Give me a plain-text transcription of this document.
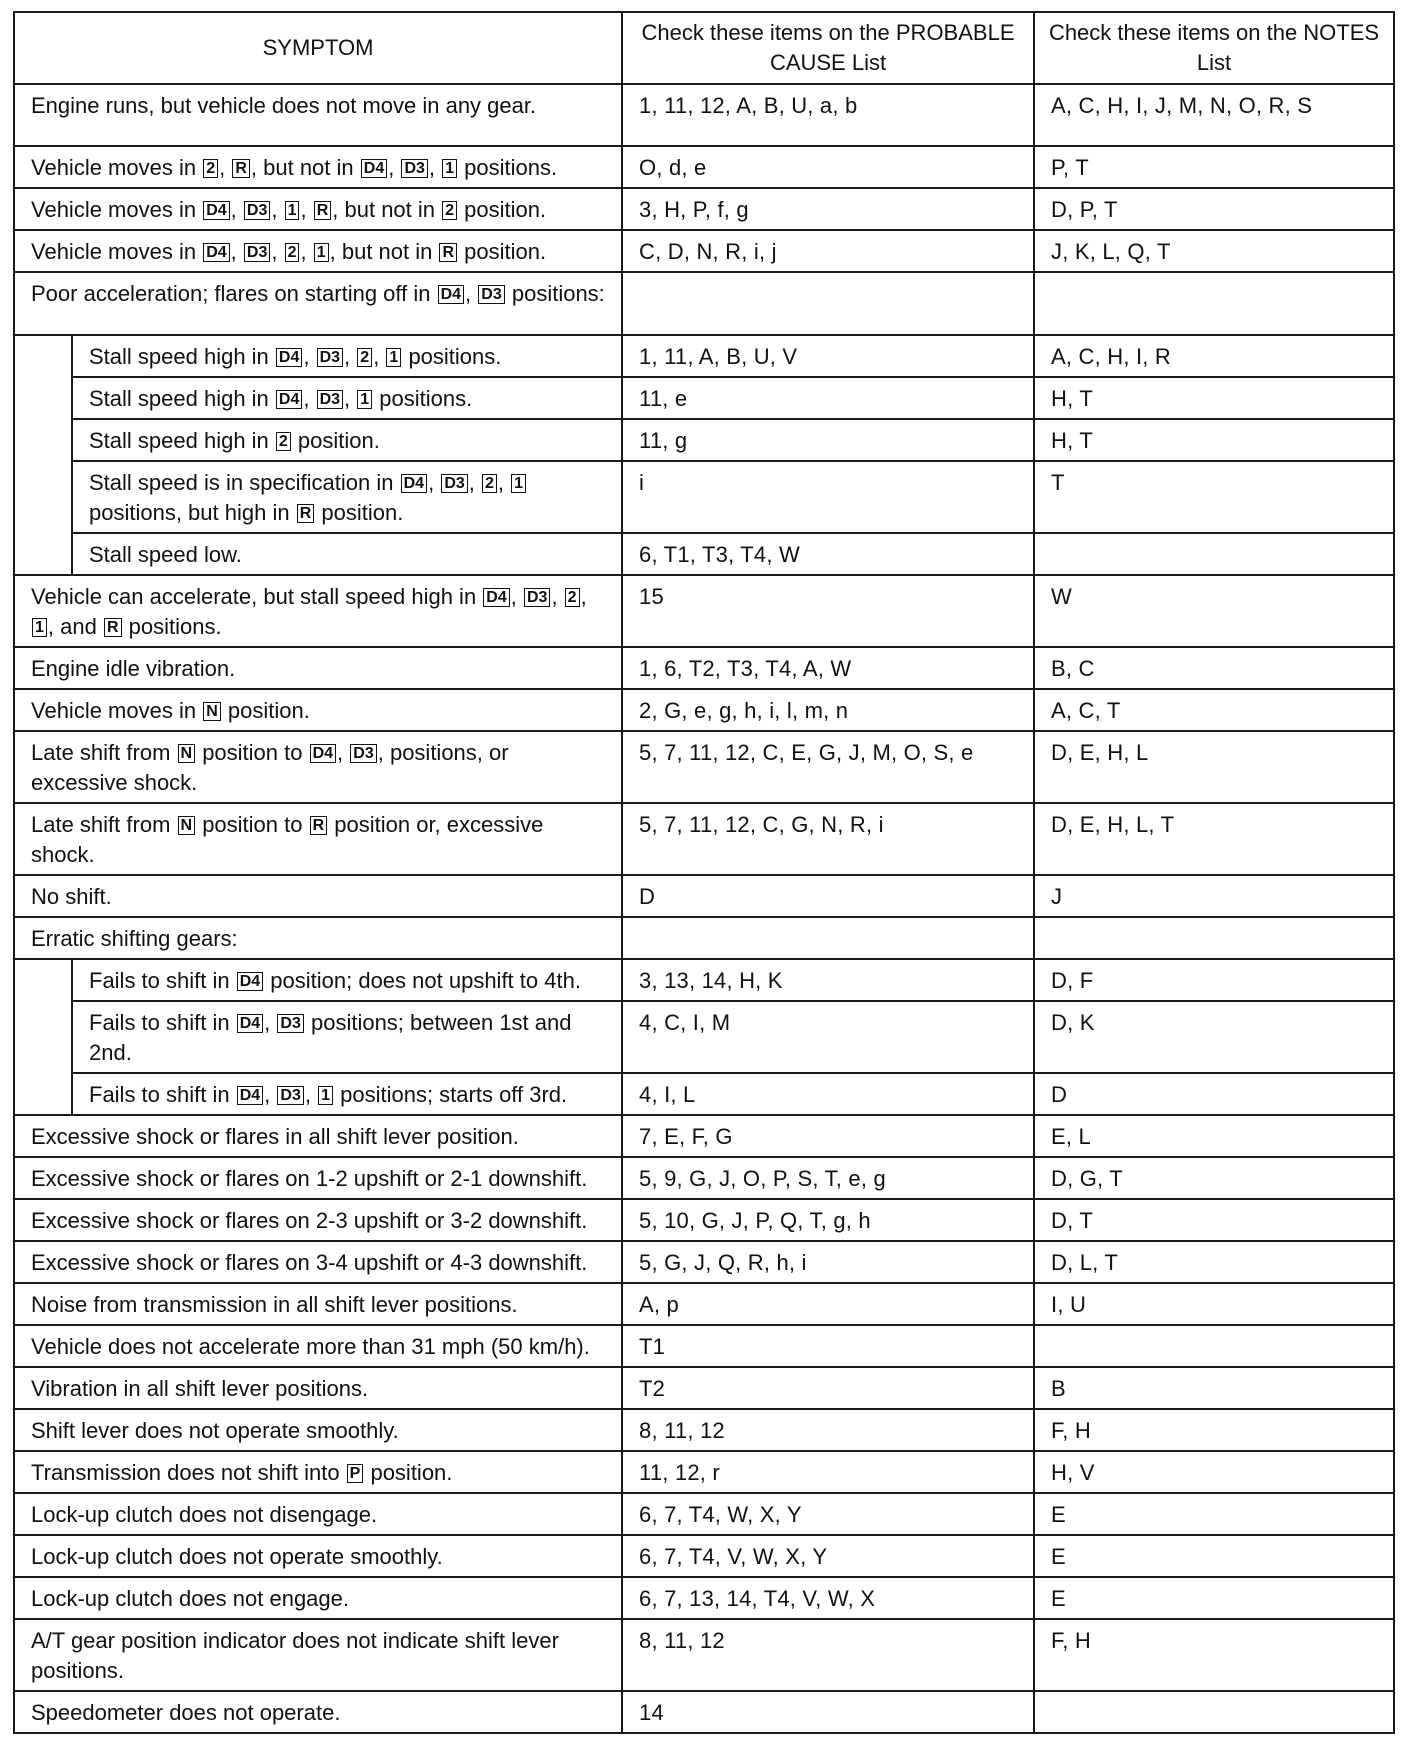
SYMPTOM		Check these items on the PROBABLE CAUSE List	Check these items on the NOTES List
Engine runs, but vehicle does not move in any gear.		1, 11, 12, A, B, U, a, b	A, C, H, I, J, M, N, O, R, S
Vehicle moves in 2 , R , but not in D4 , D3 , 1 positions.		O, d, e	P, T
Vehicle moves in D4 , D3 , 1 , R , but not in 2 position.		3, H, P, f, g	D, P, T
Vehicle moves in D4 , D3 , 2 , 1 , but not in R position.		C, D, N, R, i, j	J, K, L, Q, T
Poor acceleration; flares on starting off in D4 , D3 positions:			
	Stall speed high in D4 , D3 , 2 , 1 positions.	1, 11, A, B, U, V	A, C, H, I, R
	Stall speed high in D4 , D3 , 1 positions.	11, e	H, T
	Stall speed high in 2 position.	11, g	H, T
	Stall speed is in specification in D4 , D3 , 2 , 1 positions, but high in R position.	i	T
	Stall speed low.	6, T1, T3, T4, W	
Vehicle can accelerate, but stall speed high in D4 , D3 , 2 , 1 , and R positions.		15	W
Engine idle vibration.		1, 6, T2, T3, T4, A, W	B, C
Vehicle moves in N position.		2, G, e, g, h, i, l, m, n	A, C, T
Late shift from N position to D4 , D3 , positions, or excessive shock.		5, 7, 11, 12, C, E, G, J, M, O, S, e	D, E, H, L
Late shift from N position to R position or, excessive shock.		5, 7, 11, 12, C, G, N, R, i	D, E, H, L, T
No shift.		D	J
Erratic shifting gears:			
	Fails to shift in D4 position; does not upshift to 4th.	3, 13, 14, H, K	D, F
	Fails to shift in D4 , D3 positions; between 1st and 2nd.	4, C, I, M	D, K
	Fails to shift in D4 , D3 , 1 positions; starts off 3rd.	4, I, L	D
Excessive shock or flares in all shift lever position.		7, E, F, G	E, L
Excessive shock or flares on 1-2 upshift or 2-1 downshift.		5, 9, G, J, O, P, S, T, e, g	D, G, T
Excessive shock or flares on 2-3 upshift or 3-2 downshift.		5, 10, G, J, P, Q, T, g, h	D, T
Excessive shock or flares on 3-4 upshift or 4-3 downshift.		5, G, J, Q, R, h, i	D, L, T
Noise from transmission in all shift lever positions.		A, p	I, U
Vehicle does not accelerate more than 31 mph (50 km/h).		T1	
Vibration in all shift lever positions.		T2	B
Shift lever does not operate smoothly.		8, 11, 12	F, H
Transmission does not shift into P position.		11, 12, r	H, V
Lock-up clutch does not disengage.		6, 7, T4, W, X, Y	E
Lock-up clutch does not operate smoothly.		6, 7, T4, V, W, X, Y	E
Lock-up clutch does not engage.		6, 7, 13, 14, T4, V, W, X	E
A/T gear position indicator does not indicate shift lever positions.		8, 11, 12	F, H
Speedometer does not operate.		14	
